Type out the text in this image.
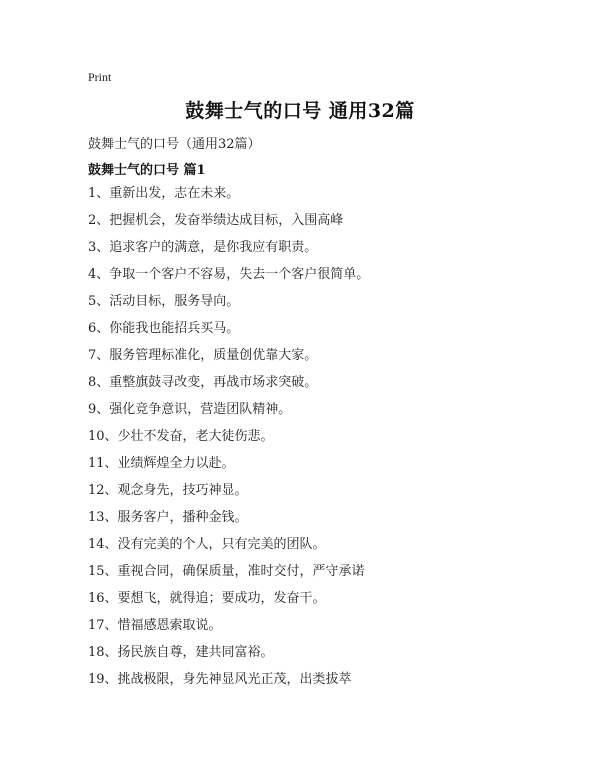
Print
鼓舞士气的口号 通用32篇
鼓舞士气的口号（通用32篇）
鼓舞士气的口号 篇1
1、重新出发，志在未来。
2、把握机会，发奋举绩达成目标，入围高峰
3、追求客户的满意，是你我应有职责。
4、争取一个客户不容易，失去一个客户很简单。
5、活动目标，服务导向。
6、你能我也能招兵买马。
7、服务管理标准化，质量创优靠大家。
8、重整旗鼓寻改变，再战市场求突破。
9、强化竞争意识，营造团队精神。
10、少壮不发奋，老大徒伤悲。
11、业绩辉煌全力以赴。
12、观念身先，技巧神显。
13、服务客户，播种金钱。
14、没有完美的个人，只有完美的团队。
15、重视合同，确保质量，准时交付，严守承诺
16、要想飞，就得追；要成功，发奋干。
17、惜福感恩索取说。
18、扬民族自尊，建共同富裕。
19、挑战极限，身先神显风光正茂，出类拔萃
